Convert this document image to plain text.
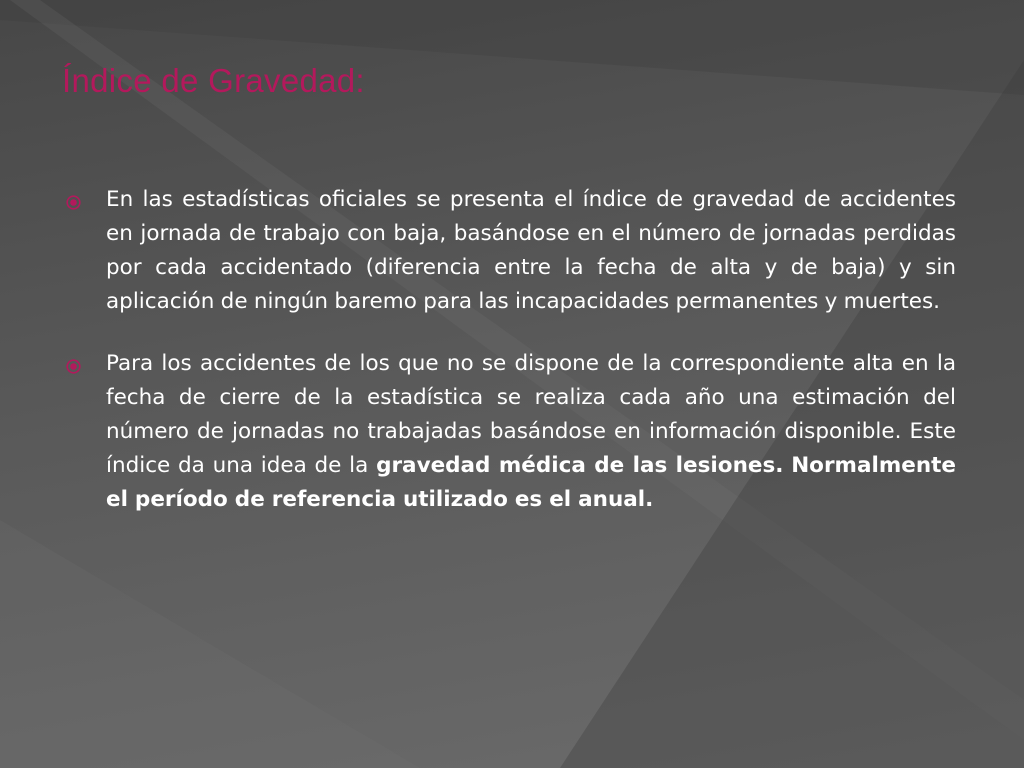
Índice de Gravedad:

En las estadísticas oficiales se presenta el índice de gravedad de accidentes en jornada de trabajo con baja, basándose en el número de jornadas perdidas por cada accidentado (diferencia entre la fecha de alta y de baja) y sin aplicación de ningún baremo para las incapacidades permanentes y muertes.

Para los accidentes de los que no se dispone de la correspondiente alta en la fecha de cierre de la estadística se realiza cada año una estimación del número de jornadas no trabajadas basándose en información disponible. Este índice da una idea de la gravedad médica de las lesiones. Normalmente el período de referencia utilizado es el anual.
